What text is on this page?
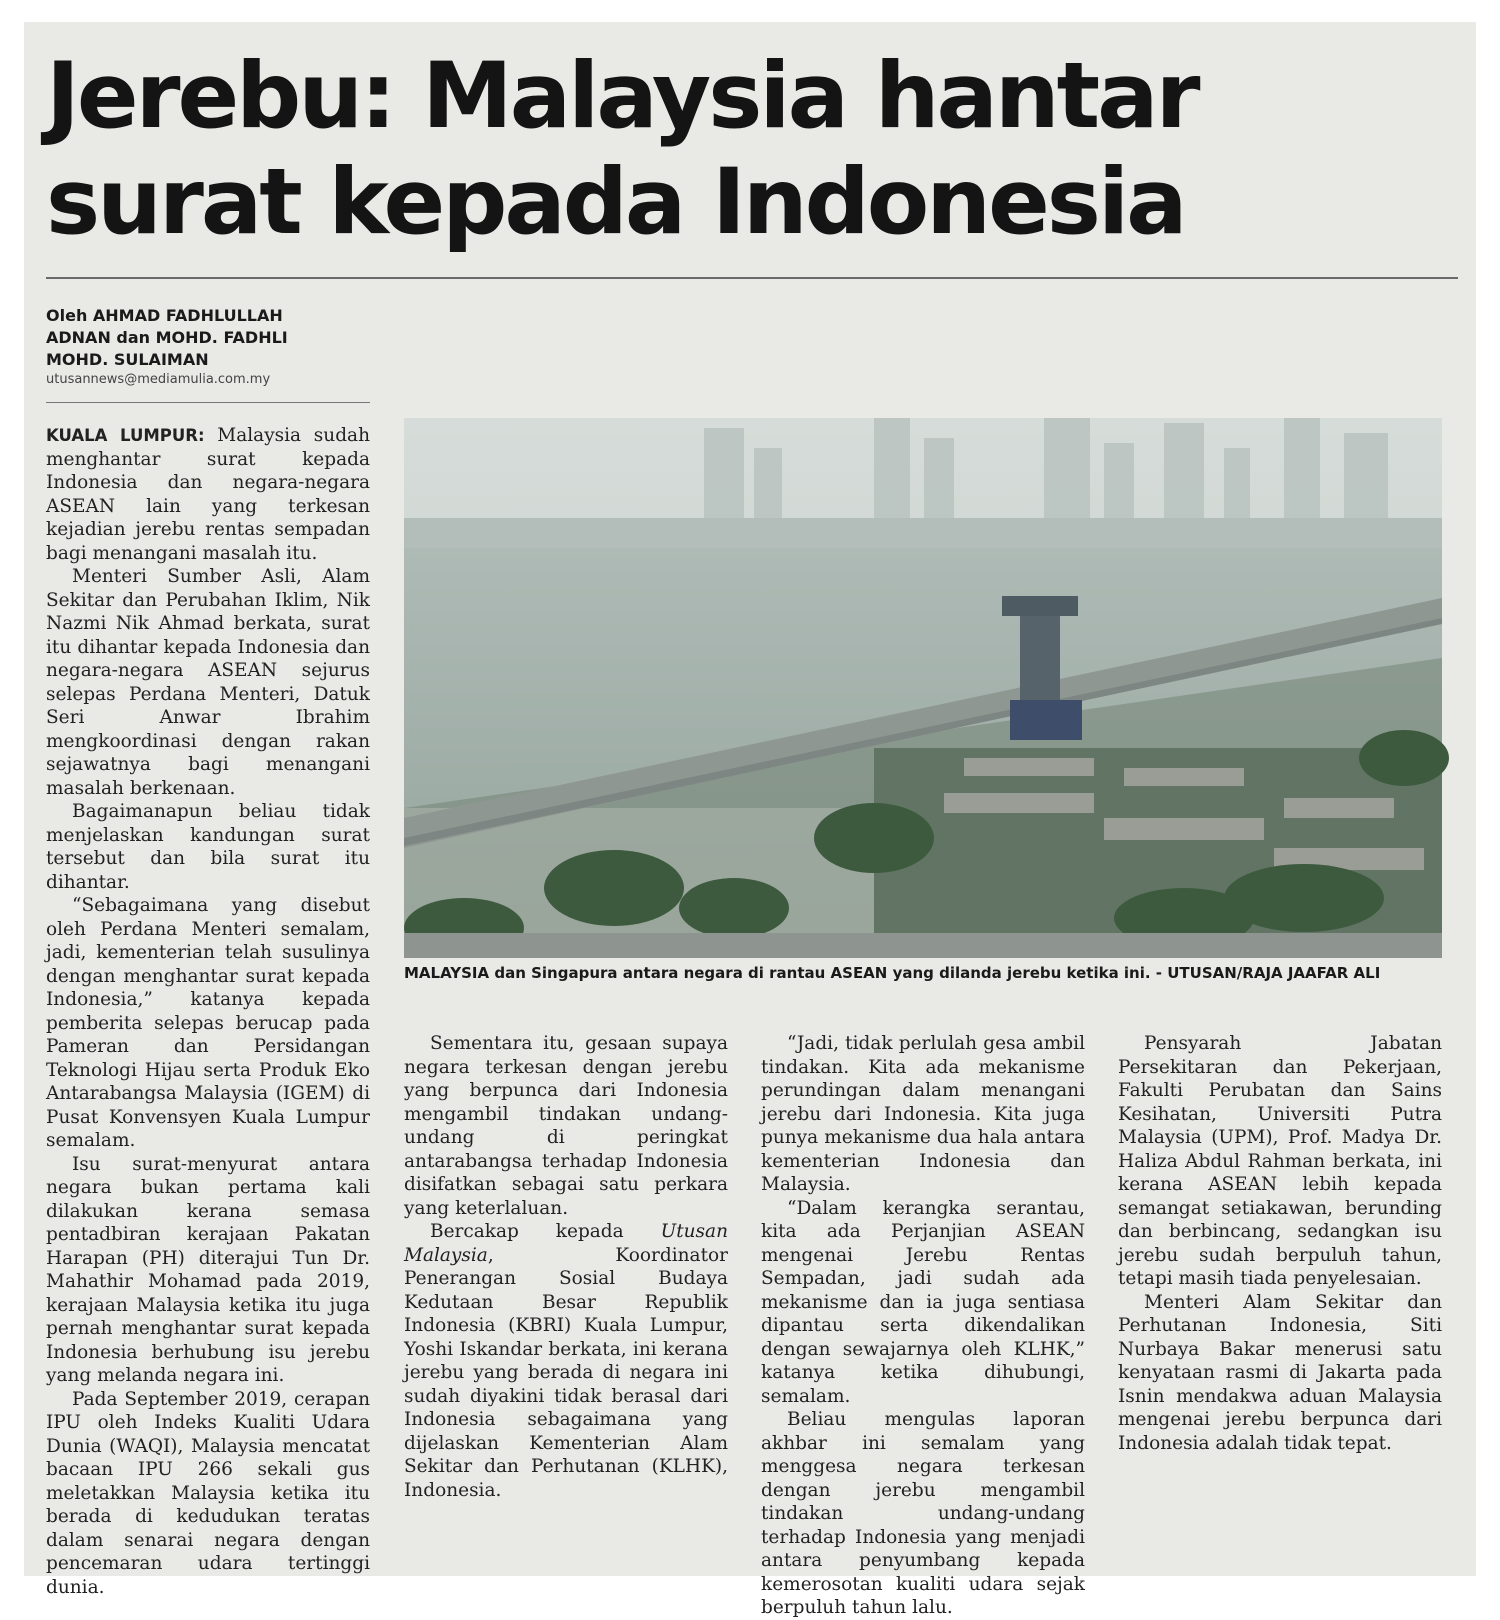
Jerebu: Malaysia hantar
surat kepada Indonesia
Oleh AHMAD FADHLULLAH
ADNAN dan MOHD. FADHLI
MOHD. SULAIMAN
utusannews@mediamulia.com.my

KUALA LUMPUR: Malaysia sudah menghantar surat kepada Indonesia dan negara-negara ASEAN lain yang terkesan kejadian jerebu rentas sempadan bagi menangani masalah itu.

Menteri Sumber Asli, Alam Sekitar dan Perubahan Iklim, Nik Nazmi Nik Ahmad berkata, surat itu dihantar kepada Indonesia dan negara-negara ASEAN sejurus selepas Perdana Menteri, Datuk Seri Anwar Ibrahim mengkoordinasi dengan rakan sejawatnya bagi menangani masalah berkenaan.

Bagaimanapun beliau tidak menjelaskan kandungan surat tersebut dan bila surat itu dihantar.

“Sebagaimana yang disebut oleh Perdana Menteri semalam, jadi, kementerian telah susulinya dengan menghantar surat kepada Indonesia,” katanya kepada pemberita selepas berucap pada Pameran dan Persidangan Teknologi Hijau serta Produk Eko Antarabangsa Malaysia (IGEM) di Pusat Konvensyen Kuala Lumpur semalam.

Isu surat-menyurat antara negara bukan pertama kali dilakukan kerana semasa pentadbiran kerajaan Pakatan Harapan (PH) diterajui Tun Dr. Mahathir Mohamad pada 2019, kerajaan Malaysia ketika itu juga pernah menghantar surat kepada Indonesia berhubung isu jerebu yang melanda negara ini.

Pada September 2019, cerapan IPU oleh Indeks Kualiti Udara Dunia (WAQI), Malaysia mencatat bacaan IPU 266 sekali gus meletakkan Malaysia ketika itu berada di kedudukan teratas dalam senarai negara dengan pencemaran udara tertinggi dunia.

MALAYSIA dan Singapura antara negara di rantau ASEAN yang dilanda jerebu ketika ini. - UTUSAN/RAJA JAAFAR ALI

Sementara itu, gesaan supaya negara terkesan dengan jerebu yang berpunca dari Indonesia mengambil tindakan undang-undang di peringkat antarabangsa terhadap Indonesia disifatkan sebagai satu perkara yang keterlaluan.

Bercakap kepada Utusan Malaysia, Koordinator Penerangan Sosial Budaya Kedutaan Besar Republik Indonesia (KBRI) Kuala Lumpur, Yoshi Iskandar berkata, ini kerana jerebu yang berada di negara ini sudah diyakini tidak berasal dari Indonesia sebagaimana yang dijelaskan Kementerian Alam Sekitar dan Perhutanan (KLHK), Indonesia.

“Jadi, tidak perlulah gesa ambil tindakan. Kita ada mekanisme perundingan dalam menangani jerebu dari Indonesia. Kita juga punya mekanisme dua hala antara kementerian Indonesia dan Malaysia.

“Dalam kerangka serantau, kita ada Perjanjian ASEAN mengenai Jerebu Rentas Sempadan, jadi sudah ada mekanisme dan ia juga sentiasa dipantau serta dikendalikan dengan sewajarnya oleh KLHK,” katanya ketika dihubungi, semalam.

Beliau mengulas laporan akhbar ini semalam yang menggesa negara terkesan dengan jerebu mengambil tindakan undang-undang terhadap Indonesia yang menjadi antara penyumbang kepada kemerosotan kualiti udara sejak berpuluh tahun lalu.

Pensyarah Jabatan Persekitaran dan Pekerjaan, Fakulti Perubatan dan Sains Kesihatan, Universiti Putra Malaysia (UPM), Prof. Madya Dr. Haliza Abdul Rahman berkata, ini kerana ASEAN lebih kepada semangat setiakawan, berunding dan berbincang, sedangkan isu jerebu sudah berpuluh tahun, tetapi masih tiada penyelesaian.

Menteri Alam Sekitar dan Perhutanan Indonesia, Siti Nurbaya Bakar menerusi satu kenyataan rasmi di Jakarta pada Isnin mendakwa aduan Malaysia mengenai jerebu berpunca dari Indonesia adalah tidak tepat.
